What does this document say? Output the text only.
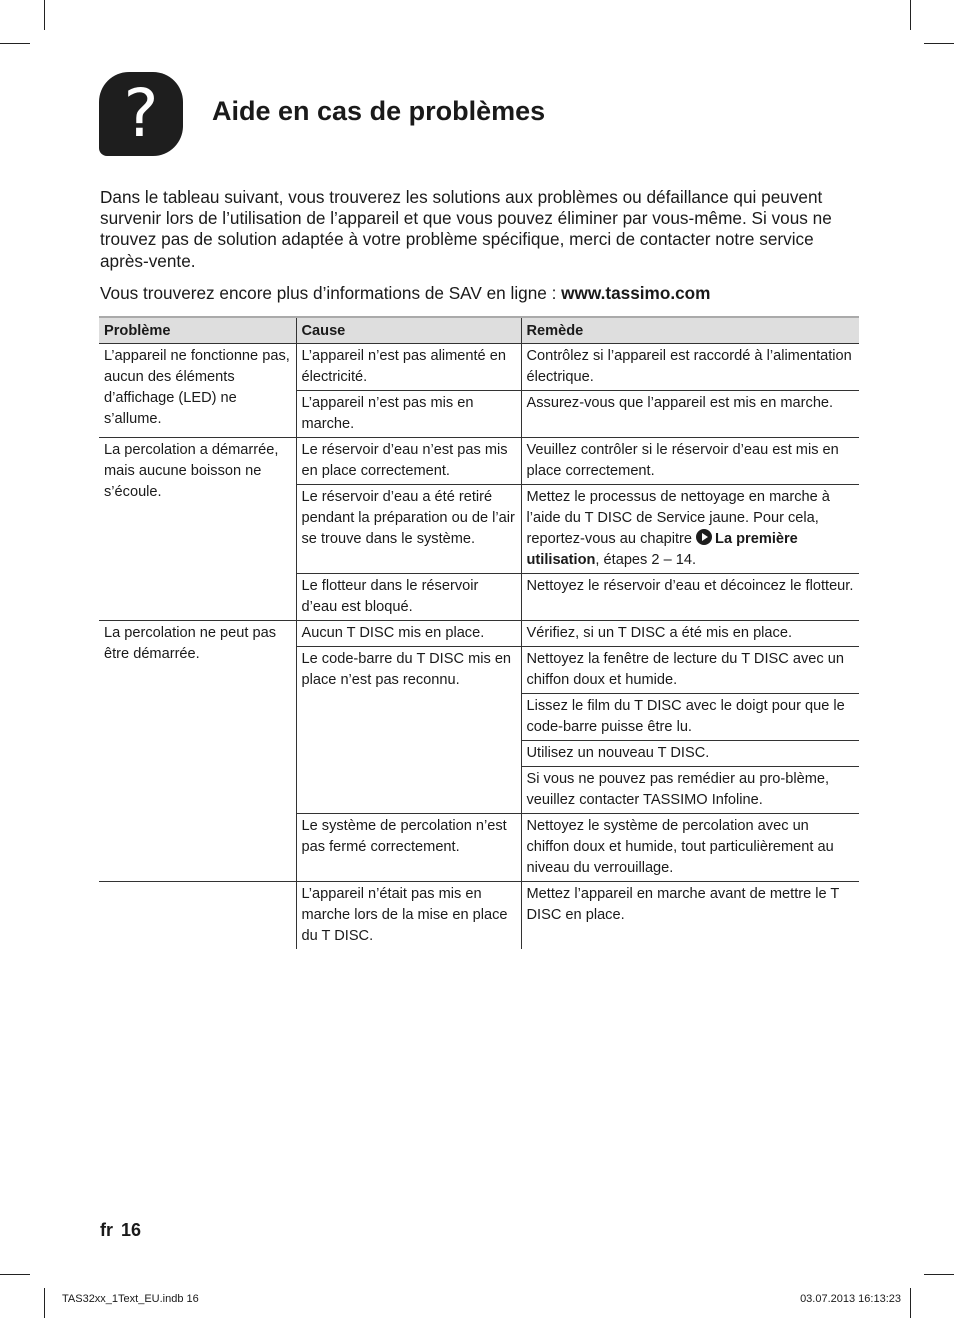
? Aide en cas de problèmes

Dans le tableau suivant, vous trouverez les solutions aux problèmes ou défaillance qui peuvent survenir lors de l’utilisation de l’appareil et que vous pouvez éliminer par vous-même. Si vous ne trouvez pas de solution adaptée à votre problème spécifique, merci de contacter notre service après-vente.

Vous trouverez encore plus d’informations de SAV en ligne : www.tassimo.com

Problème	Cause	Remède
L’appareil ne fonctionne pas, aucun des éléments d’affichage (LED) ne s’allume.	L’appareil n’est pas alimenté en électricité.	Contrôlez si l’appareil est raccordé à l’alimentation électrique.
	L’appareil n’est pas mis en marche.	Assurez-vous que l’appareil est mis en marche.
La percolation a démarrée, mais aucune boisson ne s’écoule.	Le réservoir d’eau n’est pas mis en place correctement.	Veuillez contrôler si le réservoir d’eau est mis en place correctement.
	Le réservoir d’eau a été retiré pendant la préparation ou de l’air se trouve dans le système.	Mettez le processus de nettoyage en marche à l’aide du T DISC de Service jaune. Pour cela, reportez-vous au chapitre La première utilisation, étapes 2 – 14.
	Le flotteur dans le réservoir d’eau est bloqué.	Nettoyez le réservoir d’eau et décoincez le flotteur.
La percolation ne peut pas être démarrée.	Aucun T DISC mis en place.	Vérifiez, si un T DISC a été mis en place.
	Le code-barre du T DISC mis en place n’est pas reconnu.	Nettoyez la fenêtre de lecture du T DISC avec un chiffon doux et humide.
		Lissez le film du T DISC avec le doigt pour que le code-barre puisse être lu.
		Utilisez un nouveau T DISC.
		Si vous ne pouvez pas remédier au pro-blème, veuillez contacter TASSIMO Infoline.
	Le système de percolation n’est pas fermé correctement.	Nettoyez le système de percolation avec un chiffon doux et humide, tout particulièrement au niveau du verrouillage.
	L’appareil n’était pas mis en marche lors de la mise en place du T DISC.	Mettez l’appareil en marche avant de mettre le T DISC en place.
fr 16
TAS32xx_1Text_EU.indb 16	03.07.2013 16:13:23
